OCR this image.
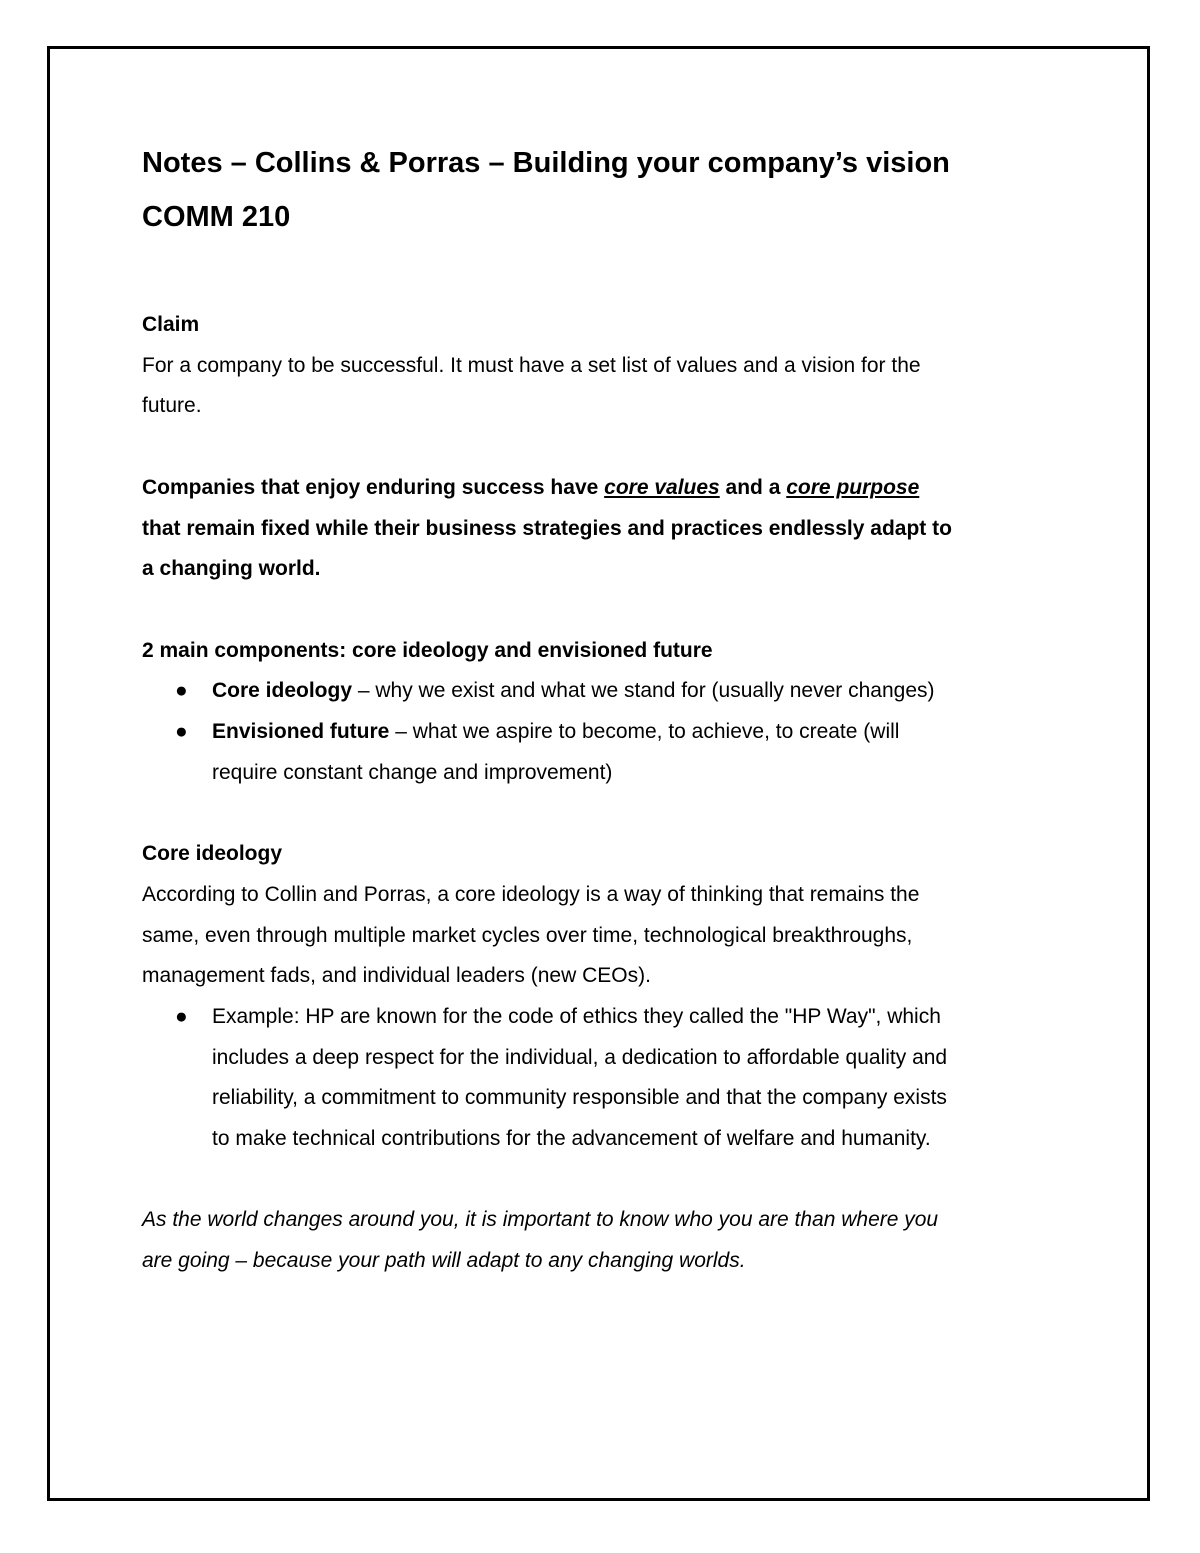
Notes – Collins & Porras – Building your company’s vision

COMM 210

Claim

For a company to be successful. It must have a set list of values and a vision for the

future.

Companies that enjoy enduring success have core values and a core purpose

that remain fixed while their business strategies and practices endlessly adapt to

a changing world.

2 main components: core ideology and envisioned future

● Core ideology – why we exist and what we stand for (usually never changes)
● Envisioned future – what we aspire to become, to achieve, to create (will

require constant change and improvement)

Core ideology

According to Collin and Porras, a core ideology is a way of thinking that remains the

same, even through multiple market cycles over time, technological breakthroughs,

management fads, and individual leaders (new CEOs).

● Example: HP are known for the code of ethics they called the "HP Way", which

includes a deep respect for the individual, a dedication to affordable quality and

reliability, a commitment to community responsible and that the company exists

to make technical contributions for the advancement of welfare and humanity.

As the world changes around you, it is important to know who you are than where you

are going – because your path will adapt to any changing worlds.
